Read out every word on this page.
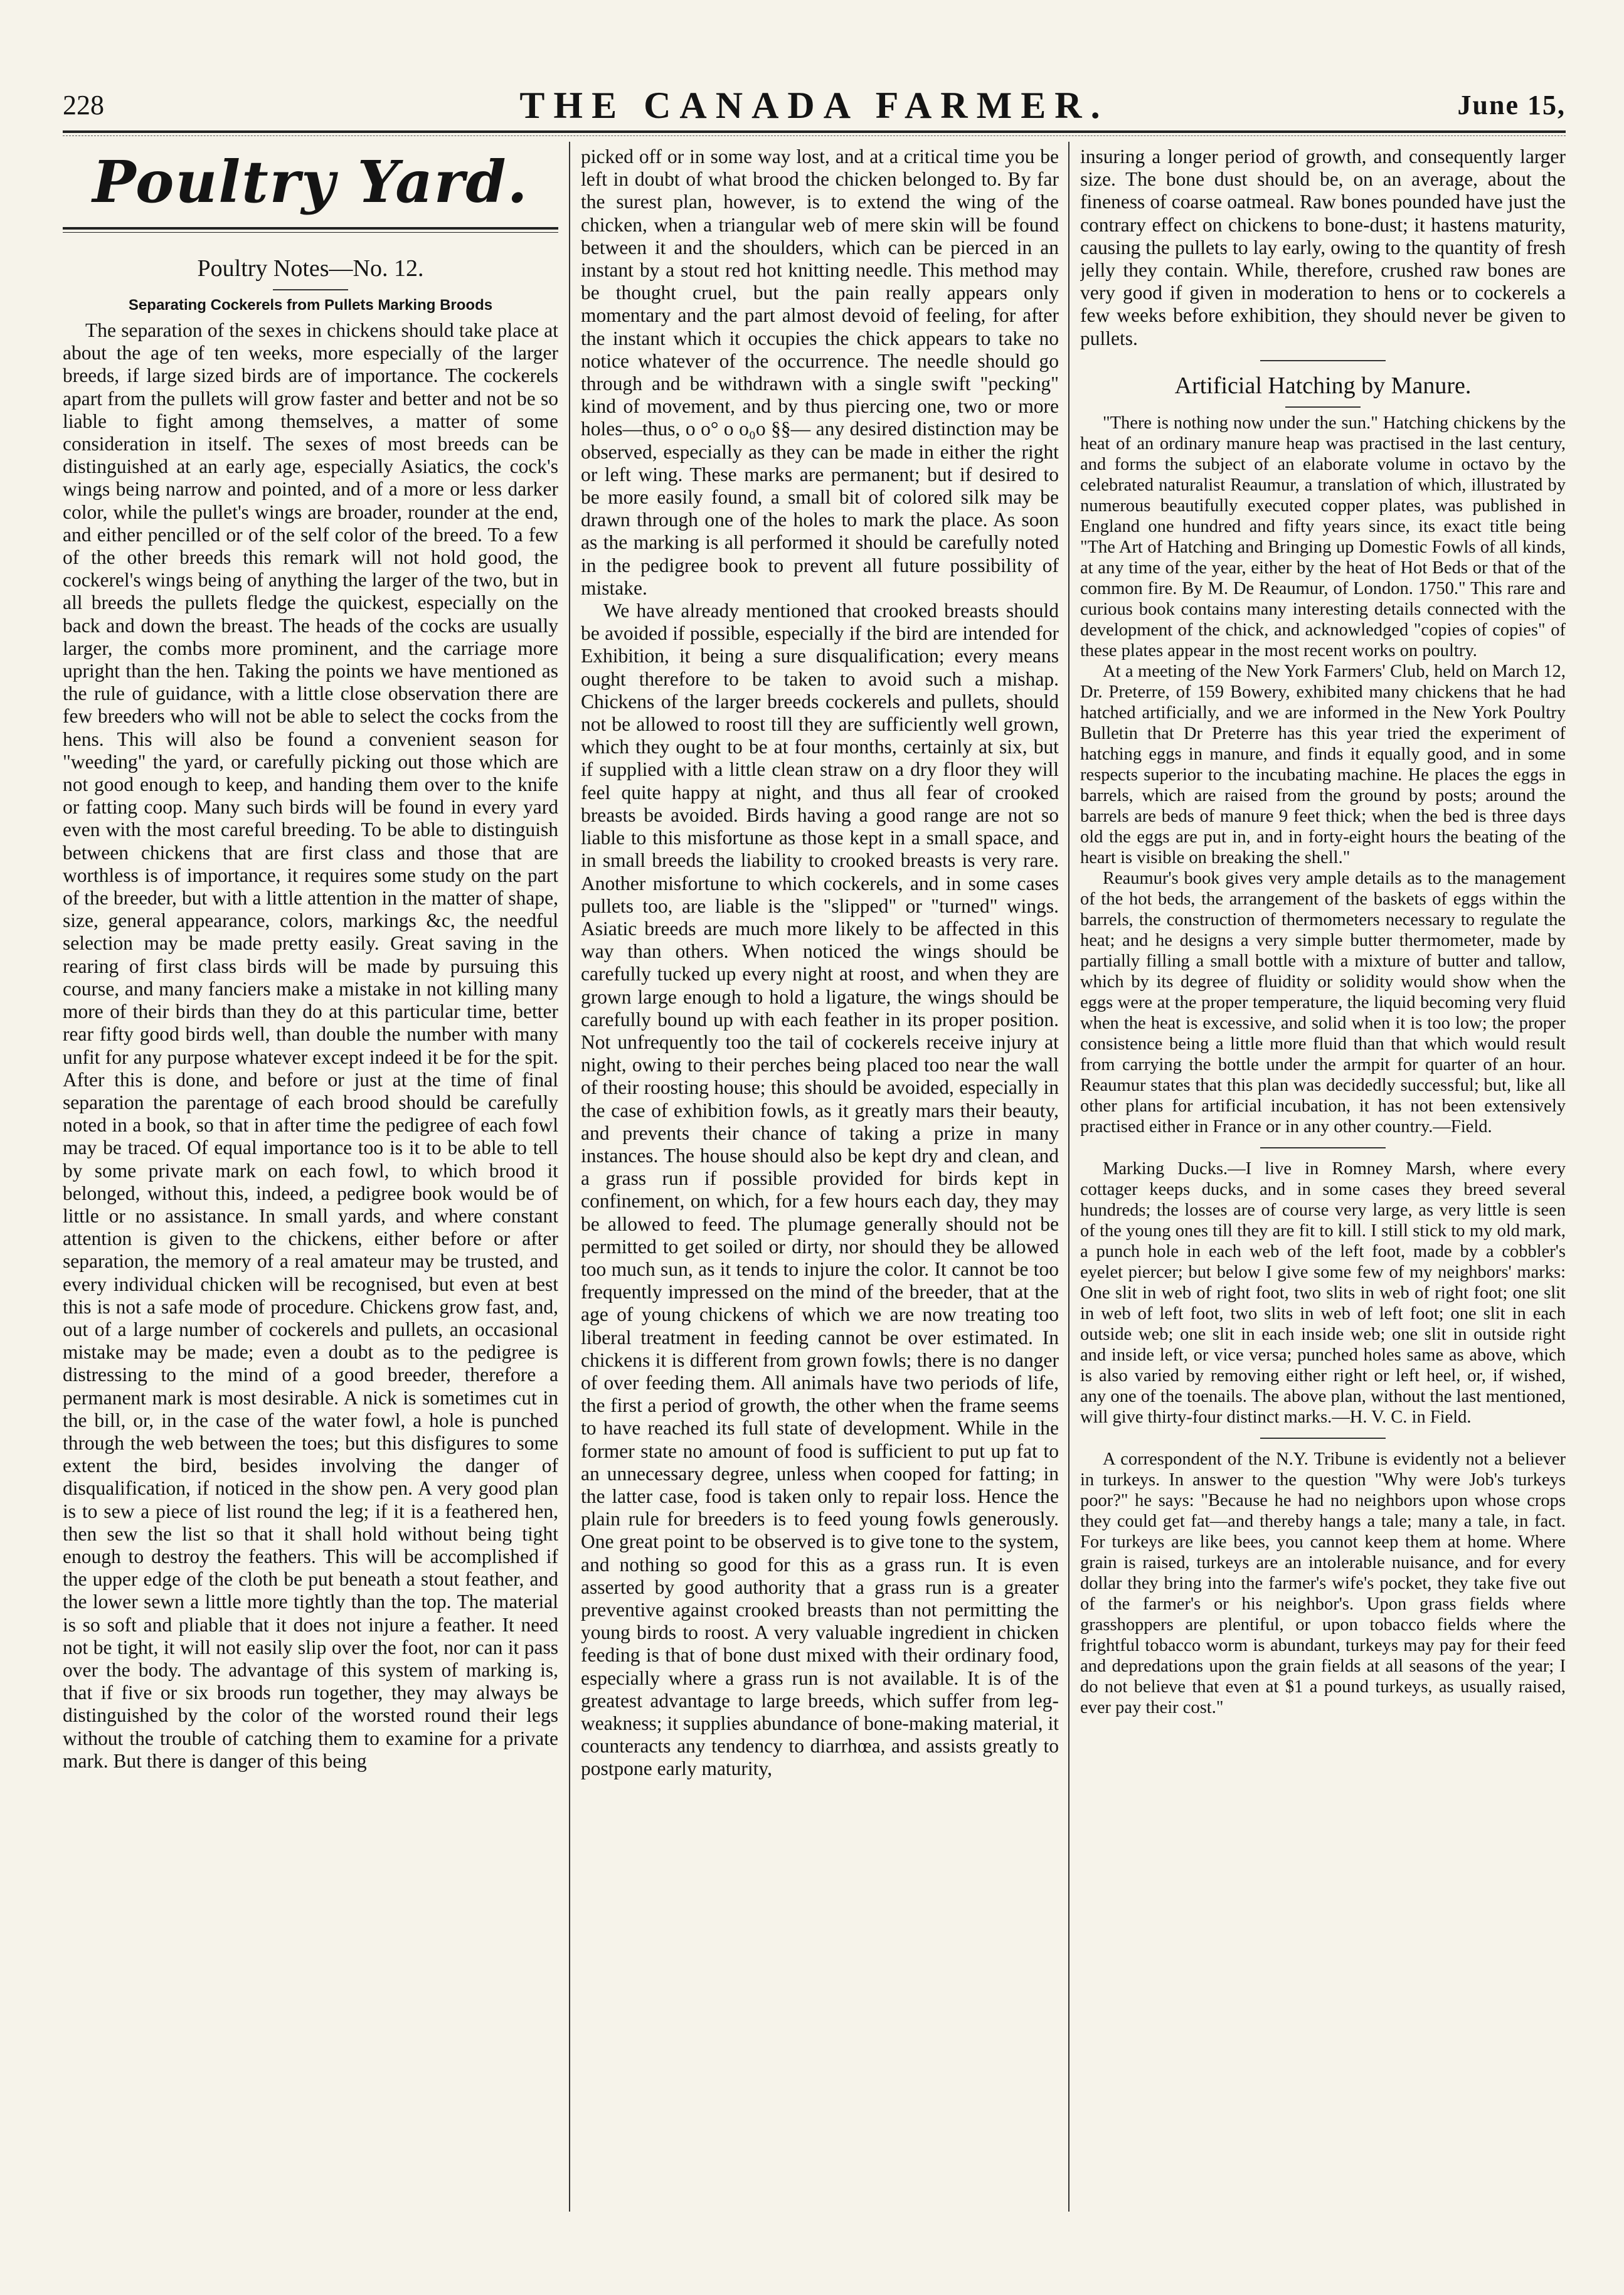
228	THE CANADA FARMER.	June 15,
Poultry Yard.
Poultry Notes—No. 12.
Separating Cockerels from Pullets Marking Broods

The separation of the sexes in chickens should take place at about the age of ten weeks, more especially of the larger breeds, if large sized birds are of importance. The cockerels apart from the pullets will grow faster and better and not be so liable to fight among themselves, a matter of some consideration in itself. The sexes of most breeds can be distinguished at an early age, especially Asiatics, the cock's wings being narrow and pointed, and of a more or less darker color, while the pullet's wings are broader, rounder at the end, and either pencilled or of the self color of the breed. To a few of the other breeds this remark will not hold good, the cockerel's wings being of anything the larger of the two, but in all breeds the pullets fledge the quickest, especially on the back and down the breast. The heads of the cocks are usually larger, the combs more prominent, and the carriage more upright than the hen. Taking the points we have mentioned as the rule of guidance, with a little close observation there are few breeders who will not be able to select the cocks from the hens. This will also be found a convenient season for "weeding" the yard, or carefully picking out those which are not good enough to keep, and handing them over to the knife or fatting coop. Many such birds will be found in every yard even with the most careful breeding. To be able to distinguish between chickens that are first class and those that are worthless is of importance, it requires some study on the part of the breeder, but with a little attention in the matter of shape, size, general appearance, colors, markings &c, the needful selection may be made pretty easily. Great saving in the rearing of first class birds will be made by pursuing this course, and many fanciers make a mistake in not killing many more of their birds than they do at this particular time, better rear fifty good birds well, than double the number with many unfit for any purpose whatever except indeed it be for the spit. After this is done, and before or just at the time of final separation the parentage of each brood should be carefully noted in a book, so that in after time the pedigree of each fowl may be traced. Of equal importance too is it to be able to tell by some private mark on each fowl, to which brood it belonged, without this, indeed, a pedigree book would be of little or no assistance. In small yards, and where constant attention is given to the chickens, either before or after separation, the memory of a real amateur may be trusted, and every individual chicken will be recognised, but even at best this is not a safe mode of procedure. Chickens grow fast, and, out of a large number of cockerels and pullets, an occasional mistake may be made; even a doubt as to the pedigree is distressing to the mind of a good breeder, therefore a permanent mark is most desirable. A nick is sometimes cut in the bill, or, in the case of the water fowl, a hole is punched through the web between the toes; but this disfigures to some extent the bird, besides involving the danger of disqualification, if noticed in the show pen. A very good plan is to sew a piece of list round the leg; if it is a feathered hen, then sew the list so that it shall hold without being tight enough to destroy the feathers. This will be accomplished if the upper edge of the cloth be put beneath a stout feather, and the lower sewn a little more tightly than the top. The material is so soft and pliable that it does not injure a feather. It need not be tight, it will not easily slip over the foot, nor can it pass over the body. The advantage of this system of marking is, that if five or six broods run together, they may always be distinguished by the color of the worsted round their legs without the trouble of catching them to examine for a private mark. But there is danger of this being

picked off or in some way lost, and at a critical time you be left in doubt of what brood the chicken belonged to. By far the surest plan, however, is to extend the wing of the chicken, when a triangular web of mere skin will be found between it and the shoulders, which can be pierced in an instant by a stout red hot knitting needle. This method may be thought cruel, but the pain really appears only momentary and the part almost devoid of feeling, for after the instant which it occupies the chick appears to take no notice whatever of the occurrence. The needle should go through and be withdrawn with a single swift "pecking" kind of movement, and by thus piercing one, two or more holes—thus, o o° o o₀o §§— any desired distinction may be observed, especially as they can be made in either the right or left wing. These marks are permanent; but if desired to be more easily found, a small bit of colored silk may be drawn through one of the holes to mark the place. As soon as the marking is all performed it should be carefully noted in the pedigree book to prevent all future possibility of mistake.

We have already mentioned that crooked breasts should be avoided if possible, especially if the bird are intended for Exhibition, it being a sure disqualification; every means ought therefore to be taken to avoid such a mishap. Chickens of the larger breeds cockerels and pullets, should not be allowed to roost till they are sufficiently well grown, which they ought to be at four months, certainly at six, but if supplied with a little clean straw on a dry floor they will feel quite happy at night, and thus all fear of crooked breasts be avoided. Birds having a good range are not so liable to this misfortune as those kept in a small space, and in small breeds the liability to crooked breasts is very rare. Another misfortune to which cockerels, and in some cases pullets too, are liable is the "slipped" or "turned" wings. Asiatic breeds are much more likely to be affected in this way than others. When noticed the wings should be carefully tucked up every night at roost, and when they are grown large enough to hold a ligature, the wings should be carefully bound up with each feather in its proper position. Not unfrequently too the tail of cockerels receive injury at night, owing to their perches being placed too near the wall of their roosting house; this should be avoided, especially in the case of exhibition fowls, as it greatly mars their beauty, and prevents their chance of taking a prize in many instances. The house should also be kept dry and clean, and a grass run if possible provided for birds kept in confinement, on which, for a few hours each day, they may be allowed to feed. The plumage generally should not be permitted to get soiled or dirty, nor should they be allowed too much sun, as it tends to injure the color. It cannot be too frequently impressed on the mind of the breeder, that at the age of young chickens of which we are now treating too liberal treatment in feeding cannot be over estimated. In chickens it is different from grown fowls; there is no danger of over feeding them. All animals have two periods of life, the first a period of growth, the other when the frame seems to have reached its full state of development. While in the former state no amount of food is sufficient to put up fat to an unnecessary degree, unless when cooped for fatting; in the latter case, food is taken only to repair loss. Hence the plain rule for breeders is to feed young fowls generously. One great point to be observed is to give tone to the system, and nothing so good for this as a grass run. It is even asserted by good authority that a grass run is a greater preventive against crooked breasts than not permitting the young birds to roost. A very valuable ingredient in chicken feeding is that of bone dust mixed with their ordinary food, especially where a grass run is not available. It is of the greatest advantage to large breeds, which suffer from leg-weakness; it supplies abundance of bone-making material, it counteracts any tendency to diarrhœa, and assists greatly to postpone early maturity,

insuring a longer period of growth, and consequently larger size. The bone dust should be, on an average, about the fineness of coarse oatmeal. Raw bones pounded have just the contrary effect on chickens to bone-dust; it hastens maturity, causing the pullets to lay early, owing to the quantity of fresh jelly they contain. While, therefore, crushed raw bones are very good if given in moderation to hens or to cockerels a few weeks before exhibition, they should never be given to pullets.

Artificial Hatching by Manure.

"There is nothing now under the sun." Hatching chickens by the heat of an ordinary manure heap was practised in the last century, and forms the subject of an elaborate volume in octavo by the celebrated naturalist Reaumur, a translation of which, illustrated by numerous beautifully executed copper plates, was published in England one hundred and fifty years since, its exact title being "The Art of Hatching and Bringing up Domestic Fowls of all kinds, at any time of the year, either by the heat of Hot Beds or that of the common fire. By M. De Reaumur, of London. 1750." This rare and curious book contains many interesting details connected with the development of the chick, and acknowledged "copies of copies" of these plates appear in the most recent works on poultry.

At a meeting of the New York Farmers' Club, held on March 12, Dr. Preterre, of 159 Bowery, exhibited many chickens that he had hatched artificially, and we are informed in the New York Poultry Bulletin that Dr Preterre has this year tried the experiment of hatching eggs in manure, and finds it equally good, and in some respects superior to the incubating machine. He places the eggs in barrels, which are raised from the ground by posts; around the barrels are beds of manure 9 feet thick; when the bed is three days old the eggs are put in, and in forty-eight hours the beating of the heart is visible on breaking the shell."

Reaumur's book gives very ample details as to the management of the hot beds, the arrangement of the baskets of eggs within the barrels, the construction of thermometers necessary to regulate the heat; and he designs a very simple butter thermometer, made by partially filling a small bottle with a mixture of butter and tallow, which by its degree of fluidity or solidity would show when the eggs were at the proper temperature, the liquid becoming very fluid when the heat is excessive, and solid when it is too low; the proper consistence being a little more fluid than that which would result from carrying the bottle under the armpit for quarter of an hour. Reaumur states that this plan was decidedly successful; but, like all other plans for artificial incubation, it has not been extensively practised either in France or in any other country.—Field.

Marking Ducks.—I live in Romney Marsh, where every cottager keeps ducks, and in some cases they breed several hundreds; the losses are of course very large, as very little is seen of the young ones till they are fit to kill. I still stick to my old mark, a punch hole in each web of the left foot, made by a cobbler's eyelet piercer; but below I give some few of my neighbors' marks: One slit in web of right foot, two slits in web of right foot; one slit in web of left foot, two slits in web of left foot; one slit in each outside web; one slit in each inside web; one slit in outside right and inside left, or vice versa; punched holes same as above, which is also varied by removing either right or left heel, or, if wished, any one of the toenails. The above plan, without the last mentioned, will give thirty-four distinct marks.—H. V. C. in Field.

A correspondent of the N.Y. Tribune is evidently not a believer in turkeys. In answer to the question "Why were Job's turkeys poor?" he says: "Because he had no neighbors upon whose crops they could get fat—and thereby hangs a tale; many a tale, in fact. For turkeys are like bees, you cannot keep them at home. Where grain is raised, turkeys are an intolerable nuisance, and for every dollar they bring into the farmer's wife's pocket, they take five out of the farmer's or his neighbor's. Upon grass fields where grasshoppers are plentiful, or upon tobacco fields where the frightful tobacco worm is abundant, turkeys may pay for their feed and depredations upon the grain fields at all seasons of the year; I do not believe that even at $1 a pound turkeys, as usually raised, ever pay their cost."
